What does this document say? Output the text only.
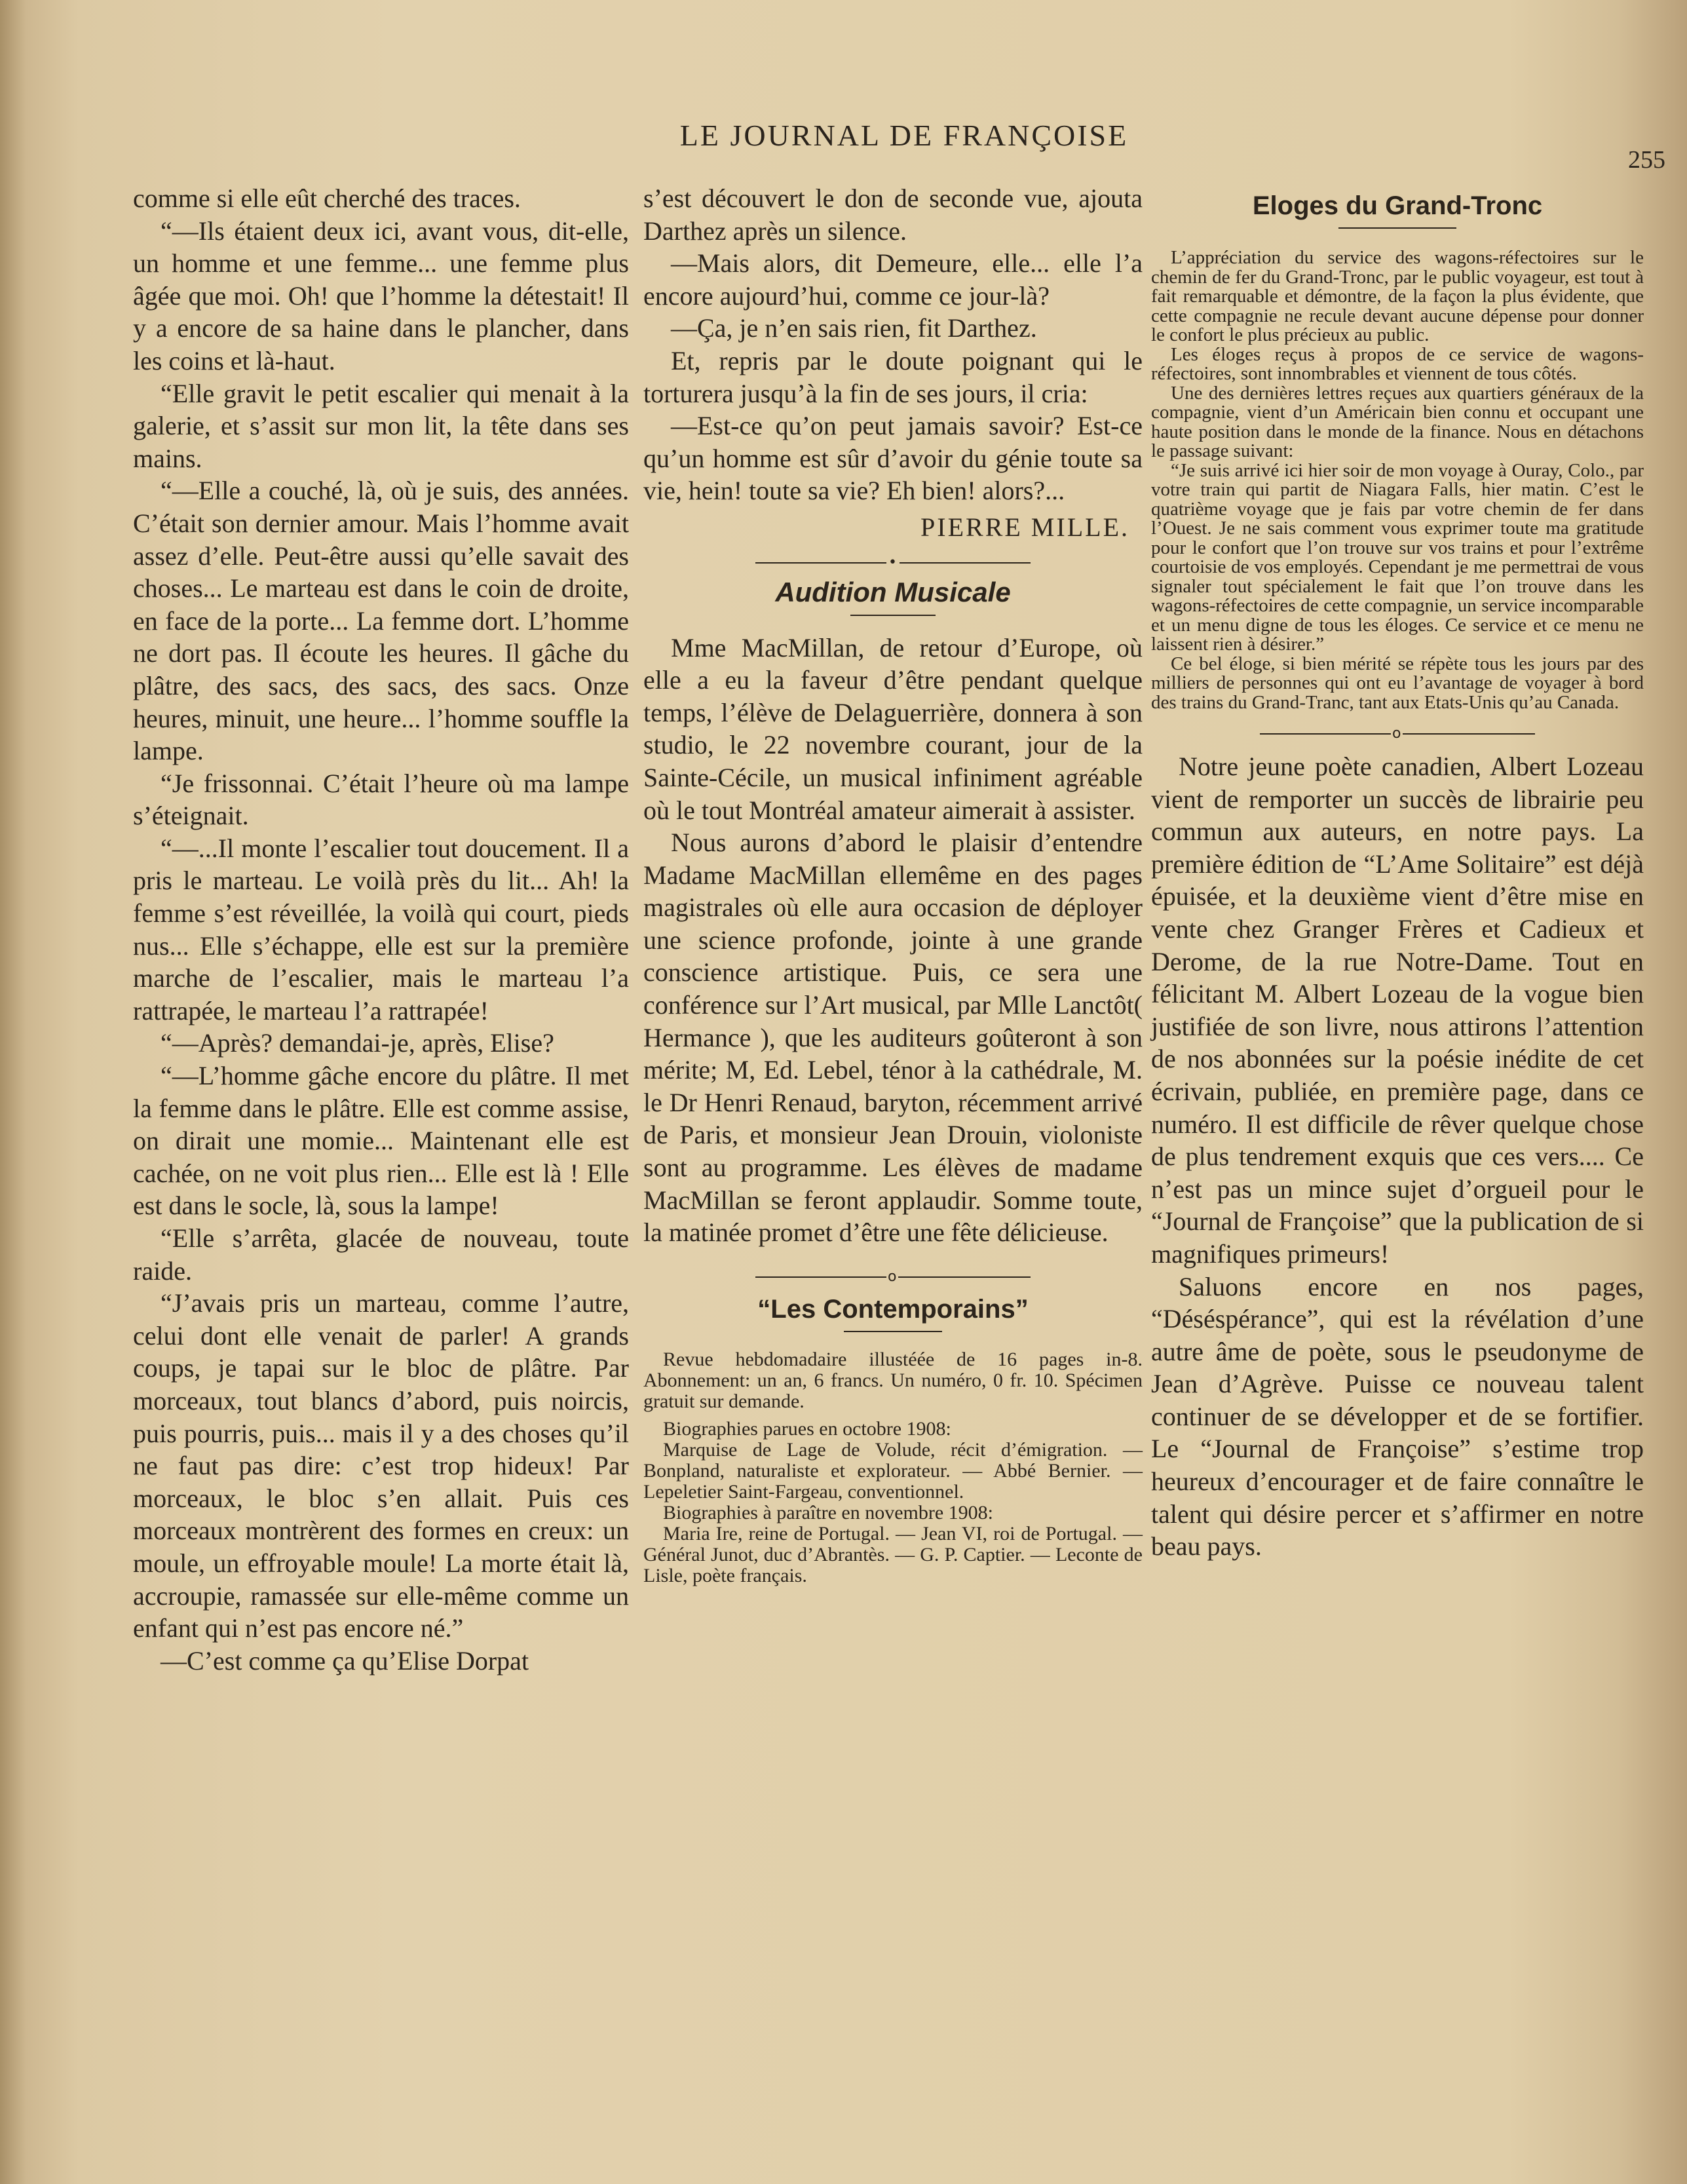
LE JOURNAL DE FRANÇOISE
255

comme si elle eût cherché des traces.

“—Ils étaient deux ici, avant vous, dit-elle, un homme et une femme... une femme plus âgée que moi. Oh! que l’homme la détestait! Il y a encore de sa haine dans le plancher, dans les coins et là-haut.

“Elle gravit le petit escalier qui menait à la galerie, et s’assit sur mon lit, la tête dans ses mains.

“—Elle a couché, là, où je suis, des années. C’était son dernier amour. Mais l’homme avait assez d’elle. Peut-être aussi qu’elle savait des choses... Le marteau est dans le coin de droite, en face de la porte... La femme dort. L’homme ne dort pas. Il écoute les heures. Il gâche du plâtre, des sacs, des sacs, des sacs. Onze heures, minuit, une heure... l’homme souffle la lampe.

“Je frissonnai. C’était l’heure où ma lampe s’éteignait.

“—...Il monte l’escalier tout doucement. Il a pris le marteau. Le voilà près du lit... Ah! la femme s’est réveillée, la voilà qui court, pieds nus... Elle s’échappe, elle est sur la première marche de l’escalier, mais le marteau l’a rattrapée, le marteau l’a rattrapée!

“—Après? demandai-je, après, Elise?

“—L’homme gâche encore du plâtre. Il met la femme dans le plâtre. Elle est comme assise, on dirait une momie... Maintenant elle est cachée, on ne voit plus rien... Elle est là ! Elle est dans le socle, là, sous la lampe!

“Elle s’arrêta, glacée de nouveau, toute raide.

“J’avais pris un marteau, comme l’autre, celui dont elle venait de parler! A grands coups, je tapai sur le bloc de plâtre. Par morceaux, tout blancs d’abord, puis noircis, puis pourris, puis... mais il y a des choses qu’il ne faut pas dire: c’est trop hideux! Par morceaux, le bloc s’en allait. Puis ces morceaux montrèrent des formes en creux: un moule, un effroyable moule! La morte était là, accroupie, ramassée sur elle-même comme un enfant qui n’est pas encore né.”

—C’est comme ça qu’Elise Dorpat

s’est découvert le don de seconde vue, ajouta Darthez après un silence.

—Mais alors, dit Demeure, elle... elle l’a encore aujourd’hui, comme ce jour-là?

—Ça, je n’en sais rien, fit Darthez.

Et, repris par le doute poignant qui le torturera jusqu’à la fin de ses jours, il cria:

—Est-ce qu’on peut jamais savoir? Est-ce qu’un homme est sûr d’avoir du génie toute sa vie, hein! toute sa vie? Eh bien! alors?...

PIERRE MILLE.
•
Audition Musicale

Mme MacMillan, de retour d’Europe, où elle a eu la faveur d’être pendant quelque temps, l’élève de Delaguerrière, donnera à son studio, le 22 novembre courant, jour de la Sainte-Cécile, un musical infiniment agréable où le tout Montréal amateur aimerait à assister.

Nous aurons d’abord le plaisir d’entendre Madame MacMillan ellemême en des pages magistrales où elle aura occasion de déployer une science profonde, jointe à une grande conscience artistique. Puis, ce sera une conférence sur l’Art musical, par Mlle Lanctôt( Hermance ), que les auditeurs goûteront à son mérite; M, Ed. Lebel, ténor à la cathédrale, M. le Dr Henri Renaud, baryton, récemment arrivé de Paris, et monsieur Jean Drouin, violoniste sont au programme. Les élèves de madame MacMillan se feront applaudir. Somme toute, la matinée promet d’être une fête délicieuse.

o
“Les Contemporains”

Revue hebdomadaire illustéée de 16 pages in-8. Abonnement: un an, 6 francs. Un numéro, 0 fr. 10. Spécimen gratuit sur demande.

Biographies parues en octobre 1908:

Marquise de Lage de Volude, récit d’émigration. — Bonpland, naturaliste et explorateur. — Abbé Bernier. — Lepeletier Saint-Fargeau, conventionnel.

Biographies à paraître en novembre 1908:

Maria Ire, reine de Portugal. — Jean VI, roi de Portugal. — Général Junot, duc d’Abrantès. — G. P. Captier. — Leconte de Lisle, poète français.

Eloges du Grand-Tronc

L’appréciation du service des wagons-réfectoires sur le chemin de fer du Grand-Tronc, par le public voyageur, est tout à fait remarquable et démontre, de la façon la plus évidente, que cette compagnie ne recule devant aucune dépense pour donner le confort le plus précieux au public.

Les éloges reçus à propos de ce service de wagons-réfectoires, sont innombrables et viennent de tous côtés.

Une des dernières lettres reçues aux quartiers généraux de la compagnie, vient d’un Américain bien connu et occupant une haute position dans le monde de la finance. Nous en détachons le passage suivant:

“Je suis arrivé ici hier soir de mon voyage à Ouray, Colo., par votre train qui partit de Niagara Falls, hier matin. C’est le quatrième voyage que je fais par votre chemin de fer dans l’Ouest. Je ne sais comment vous exprimer toute ma gratitude pour le confort que l’on trouve sur vos trains et pour l’extrême courtoisie de vos employés. Cependant je me permettrai de vous signaler tout spécialement le fait que l’on trouve dans les wagons-réfectoires de cette compagnie, un service incomparable et un menu digne de tous les éloges. Ce service et ce menu ne laissent rien à désirer.”

Ce bel éloge, si bien mérité se répète tous les jours par des milliers de personnes qui ont eu l’avantage de voyager à bord des trains du Grand-Tranc, tant aux Etats-Unis qu’au Canada.

o

Notre jeune poète canadien, Albert Lozeau vient de remporter un succès de librairie peu commun aux auteurs, en notre pays. La première édition de “L’Ame Solitaire” est déjà épuisée, et la deuxième vient d’être mise en vente chez Granger Frères et Cadieux et Derome, de la rue Notre-Dame. Tout en félicitant M. Albert Lozeau de la vogue bien justifiée de son livre, nous attirons l’attention de nos abonnées sur la poésie inédite de cet écrivain, publiée, en première page, dans ce numéro. Il est difficile de rêver quelque chose de plus tendrement exquis que ces vers.... Ce n’est pas un mince sujet d’orgueil pour le “Journal de Françoise” que la publication de si magnifiques primeurs!

Saluons encore en nos pages, “Déséspérance”, qui est la révélation d’une autre âme de poète, sous le pseudonyme de Jean d’Agrève. Puisse ce nouveau talent continuer de se développer et de se fortifier. Le “Journal de Françoise” s’estime trop heureux d’encourager et de faire connaître le talent qui désire percer et s’affirmer en notre beau pays.
